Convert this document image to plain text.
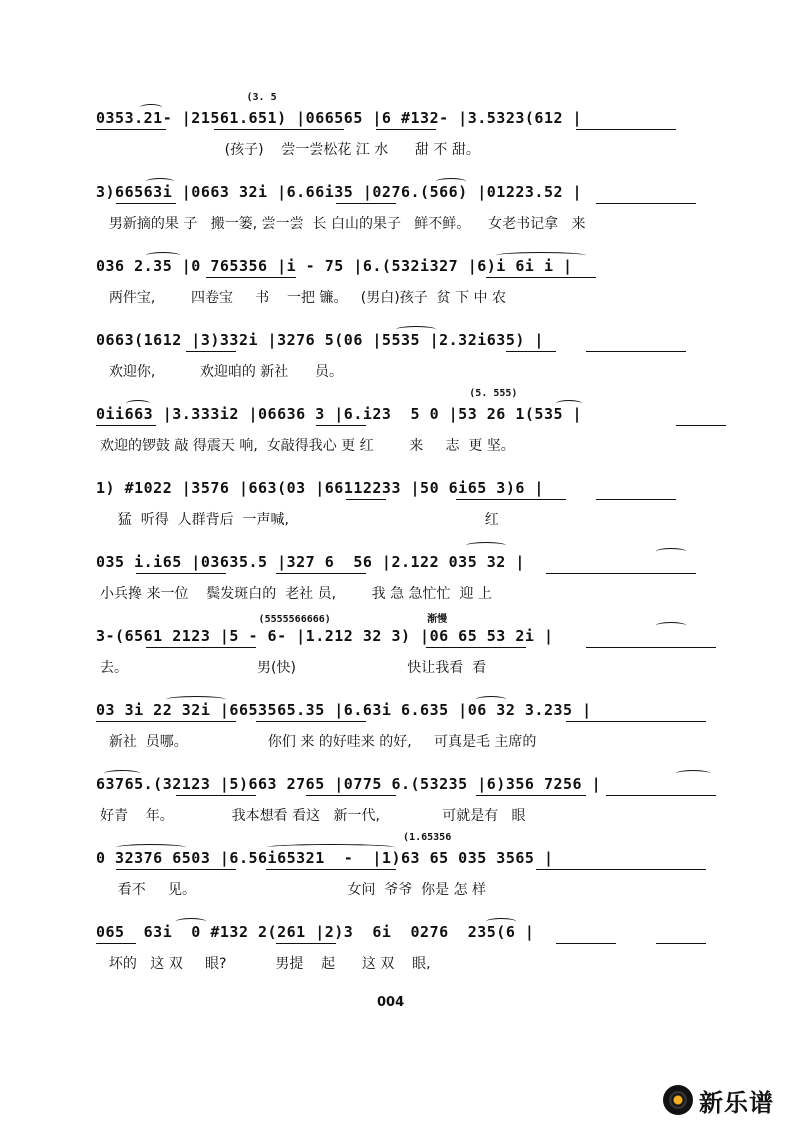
(3. 5
0353.21- |21561.651) |066565 |6 #132- |3.5323(612 |
(孩子)    尝一尝松花 江 水      甜 不 甜。
3)66563i |0663 32i |6.66i35 |0276.(566) |01223.52 |
男新摘的果 子   搬一篓, 尝一尝  长 白山的果子   鲜不鲜。    女老书记拿   来
036 2.35 |0 765356 |i - 75 |6.(532i327 |6)i 6i i |
两件宝,        四卷宝     书    一把 镰。   (男白)孩子  贫 下 中 农
0663(1612 |3)332i |3276 5(06 |5535 |2.32i635) |
欢迎你,          欢迎咱的 新社      员。
(5. 555)
0ii663 |3.333i2 |06636 3 |6.i23  5 0 |53 26 1(535 |
欢迎的锣鼓 敲 得震天 响,  女敲得我心 更 红        来     志  更 坚。
1) #1022 |3576 |663(03 |66112233 |50 6i65 3)6 |
猛  听得  人群背后  一声喊,                                            红
035 i.i65 |03635.5 |327 6  56 |2.122 035 32 |
小兵搀 来一位    鬓发斑白的  老社 员,        我 急 急忙忙  迎 上
(5555566666)                渐慢
3-(6561 2123 |5 - 6- |1.212 32 3) |06 65 53 2i |
去。                             男(快)                         快让我看  看
03 3i 22 32i |6653565.35 |6.63i 6.635 |06 32 3.235 |
新社  员哪。                  你们 来 的好哇来 的好,     可真是毛 主席的
63765.(32123 |5)663 2765 |0775 6.(53235 |6)356 7256 |
好青    年。             我本想看 看这   新一代,              可就是有   眼
(1.65356
0 32376 6503 |6.56i65321  -  |1)63 65 035 3565 |
看不     见。                                  女问  爷爷  你是 怎 样
065  63i  0 #132 2(261 |2)3  6i  0276  235(6 |
坏的   这 双     眼?           男提    起      这 双    眼,
004
新乐谱
